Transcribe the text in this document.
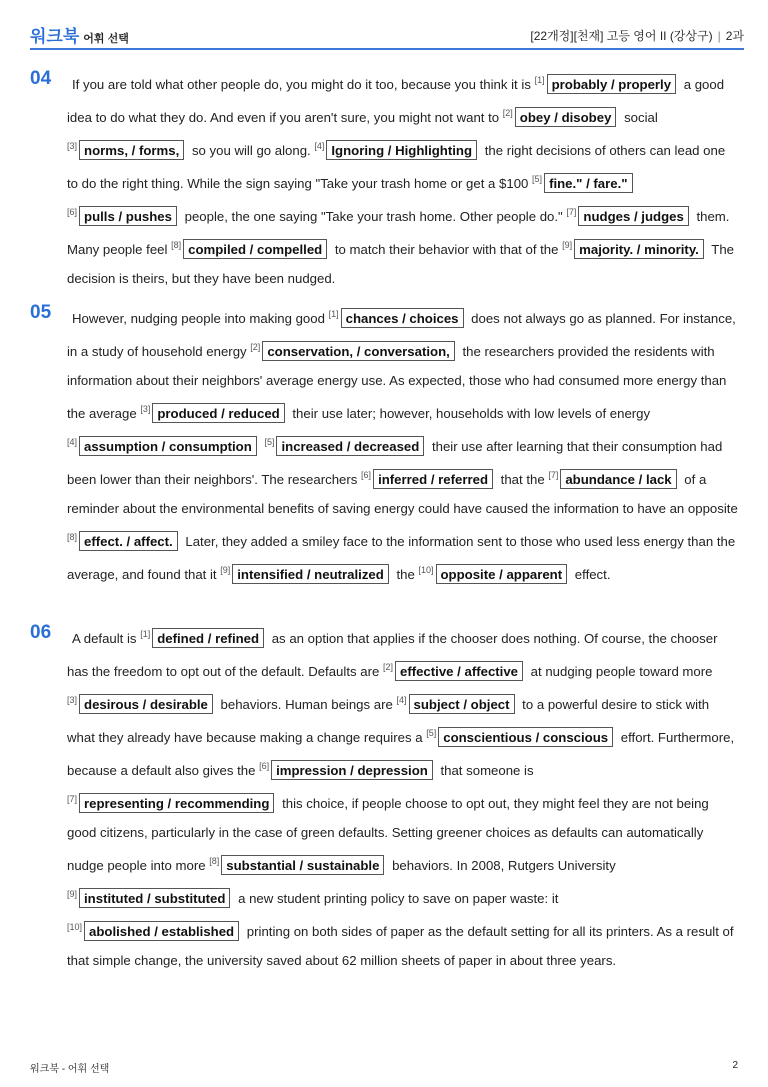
워크북 어휘 선택	[22개정][천재] 고등 영어 II (강상구) | 2과
04	If you are told what other people do, you might do it too, because you think it is [1] probably / properly a good idea to do what they do. And even if you aren't sure, you might not want to [2] obey / disobey social [3] norms, / forms, so you will go along. [4] Ignoring / Highlighting the right decisions of others can lead one to do the right thing. While the sign saying "Take your trash home or get a $100 [5] fine." / fare." [6] pulls / pushes people, the one saying "Take your trash home. Other people do." [7] nudges / judges them. Many people feel [8] compiled / compelled to match their behavior with that of the [9] majority. / minority. The decision is theirs, but they have been nudged.

05	However, nudging people into making good [1] chances / choices does not always go as planned. For instance, in a study of household energy [2] conservation, / conversation, the researchers provided the residents with information about their neighbors' average energy use. As expected, those who had consumed more energy than the average [3] produced / reduced their use later; however, households with low levels of energy [4] assumption / consumption [5] increased / decreased their use after learning that their consumption had been lower than their neighbors'. The researchers [6] inferred / referred that the [7] abundance / lack of a reminder about the environmental benefits of saving energy could have caused the information to have an opposite [8] effect. / affect. Later, they added a smiley face to the information sent to those who used less energy than the average, and found that it [9] intensified / neutralized the [10] opposite / apparent effect.

06	A default is [1] defined / refined as an option that applies if the chooser does nothing. Of course, the chooser has the freedom to opt out of the default. Defaults are [2] effective / affective at nudging people toward more [3] desirous / desirable behaviors. Human beings are [4] subject / object to a powerful desire to stick with what they already have because making a change requires a [5] conscientious / conscious effort. Furthermore, because a default also gives the [6] impression / depression that someone is [7] representing / recommending this choice, if people choose to opt out, they might feel they are not being good citizens, particularly in the case of green defaults. Setting greener choices as defaults can automatically nudge people into more [8] substantial / sustainable behaviors. In 2008, Rutgers University [9] instituted / substituted a new student printing policy to save on paper waste: it [10] abolished / established printing on both sides of paper as the default setting for all its printers. As a result of that simple change, the university saved about 62 million sheets of paper in about three years.

워크북 - 어휘 선택	2
